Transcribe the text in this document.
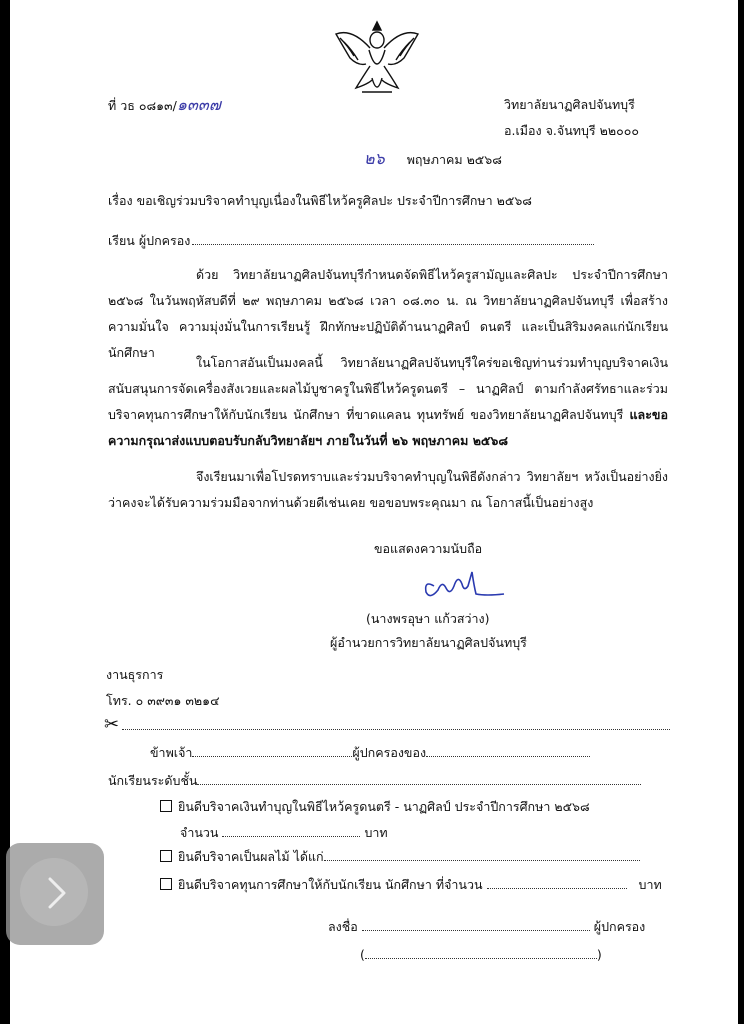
ที่ วธ ๐๘๑๓/๑๓๓๗	วิทยาลัยนาฏศิลปจันทบุรี
อ.เมือง จ.จันทบุรี ๒๒๐๐๐
๒๖ พฤษภาคม ๒๕๖๘
เรื่อง ขอเชิญร่วมบริจาคทำบุญเนื่องในพิธีไหว้ครูศิลปะ ประจำปีการศึกษา ๒๕๖๘
เรียน ผู้ปกครอง
ด้วย วิทยาลัยนาฏศิลปจันทบุรีกำหนดจัดพิธีไหว้ครูสามัญและศิลปะ ประจำปีการศึกษา ๒๕๖๘ ในวันพฤหัสบดีที่ ๒๙ พฤษภาคม ๒๕๖๘ เวลา ๐๘.๓๐ น. ณ วิทยาลัยนาฏศิลปจันทบุรี เพื่อสร้างความมั่นใจ ความมุ่งมั่นในการเรียนรู้ ฝึกทักษะปฏิบัติด้านนาฏศิลป์ ดนตรี และเป็นสิริมงคลแก่นักเรียน นักศึกษา
ในโอกาสอันเป็นมงคลนี้ วิทยาลัยนาฏศิลปจันทบุรีใคร่ขอเชิญท่านร่วมทำบุญบริจาคเงินสนับสนุนการจัดเครื่องสังเวยและผลไม้บูชาครูในพิธีไหว้ครูดนตรี – นาฏศิลป์ ตามกำลังศรัทธาและร่วมบริจาคทุนการศึกษาให้กับนักเรียน นักศึกษา ที่ขาดแคลน ทุนทรัพย์ ของวิทยาลัยนาฏศิลปจันทบุรี และขอความกรุณาส่งแบบตอบรับกลับวิทยาลัยฯ ภายในวันที่ ๒๖ พฤษภาคม ๒๕๖๘
จึงเรียนมาเพื่อโปรดทราบและร่วมบริจาคทำบุญในพิธีดังกล่าว วิทยาลัยฯ หวังเป็นอย่างยิ่งว่าคงจะได้รับความร่วมมือจากท่านด้วยดีเช่นเคย ขอขอบพระคุณมา ณ โอกาสนี้เป็นอย่างสูง
ขอแสดงความนับถือ
(นางพรอุษา แก้วสว่าง)
ผู้อำนวยการวิทยาลัยนาฏศิลปจันทบุรี
งานธุรการ
โทร. ๐ ๓๙๓๑ ๓๒๑๔
✂
ข้าพเจ้า	ผู้ปกครองของ
นักเรียนระดับชั้น
ยินดีบริจาคเงินทำบุญในพิธีไหว้ครูดนตรี - นาฏศิลป์ ประจำปีการศึกษา ๒๕๖๘
จำนวน	บาท
ยินดีบริจาคเป็นผลไม้ ได้แก่
ยินดีบริจาคทุนการศึกษาให้กับนักเรียน นักศึกษา ที่จำนวน	บาท
ลงชื่อ	ผู้ปกครอง
(	)
